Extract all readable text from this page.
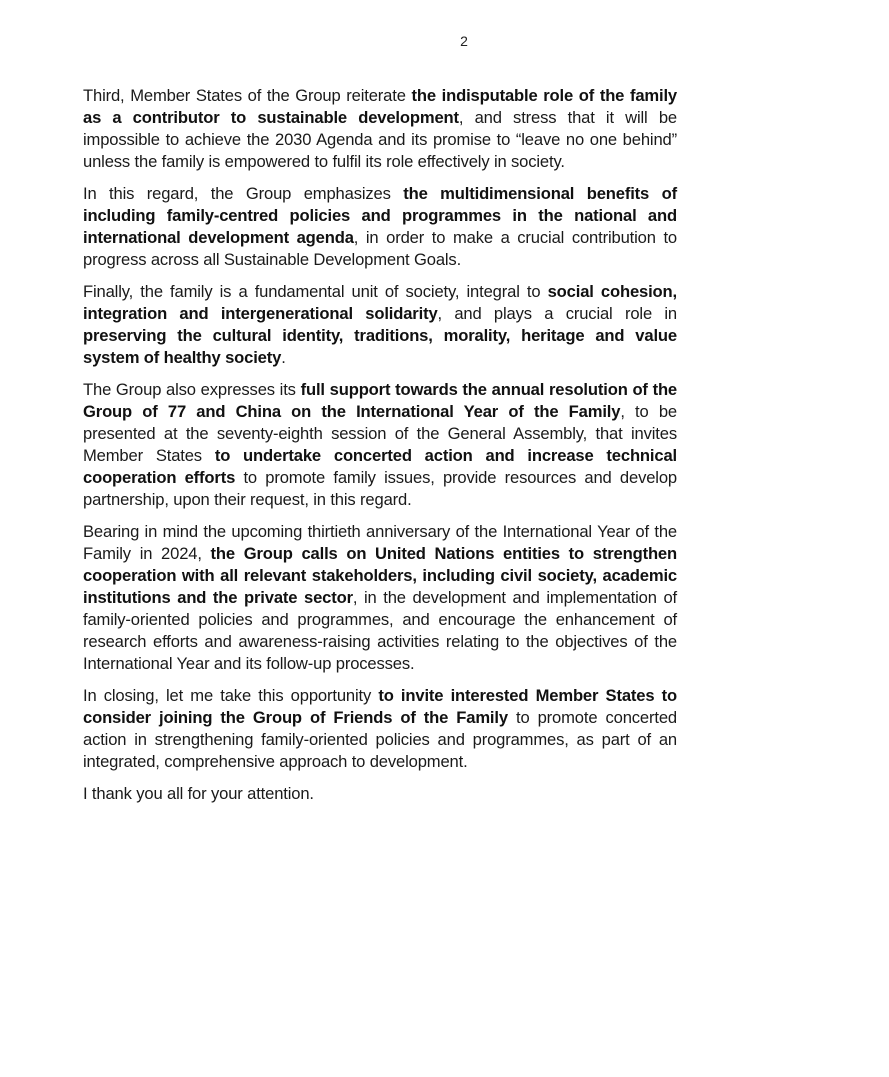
2

Third, Member States of the Group reiterate the indisputable role of the family as a contributor to sustainable development, and stress that it will be impossible to achieve the 2030 Agenda and its promise to “leave no one behind” unless the family is empowered to fulfil its role effectively in society.

In this regard, the Group emphasizes the multidimensional benefits of including family-centred policies and programmes in the national and international development agenda, in order to make a crucial contribution to progress across all Sustainable Development Goals.

Finally, the family is a fundamental unit of society, integral to social cohesion, integration and intergenerational solidarity, and plays a crucial role in preserving the cultural identity, traditions, morality, heritage and value system of healthy society.

The Group also expresses its full support towards the annual resolution of the Group of 77 and China on the International Year of the Family, to be presented at the seventy-eighth session of the General Assembly, that invites Member States to undertake concerted action and increase technical cooperation efforts to promote family issues, provide resources and develop partnership, upon their request, in this regard.

Bearing in mind the upcoming thirtieth anniversary of the International Year of the Family in 2024, the Group calls on United Nations entities to strengthen cooperation with all relevant stakeholders, including civil society, academic institutions and the private sector, in the development and implementation of family-oriented policies and programmes, and encourage the enhancement of research efforts and awareness-raising activities relating to the objectives of the International Year and its follow-up processes.

In closing, let me take this opportunity to invite interested Member States to consider joining the Group of Friends of the Family to promote concerted action in strengthening family-oriented policies and programmes, as part of an integrated, comprehensive approach to development.

I thank you all for your attention.
